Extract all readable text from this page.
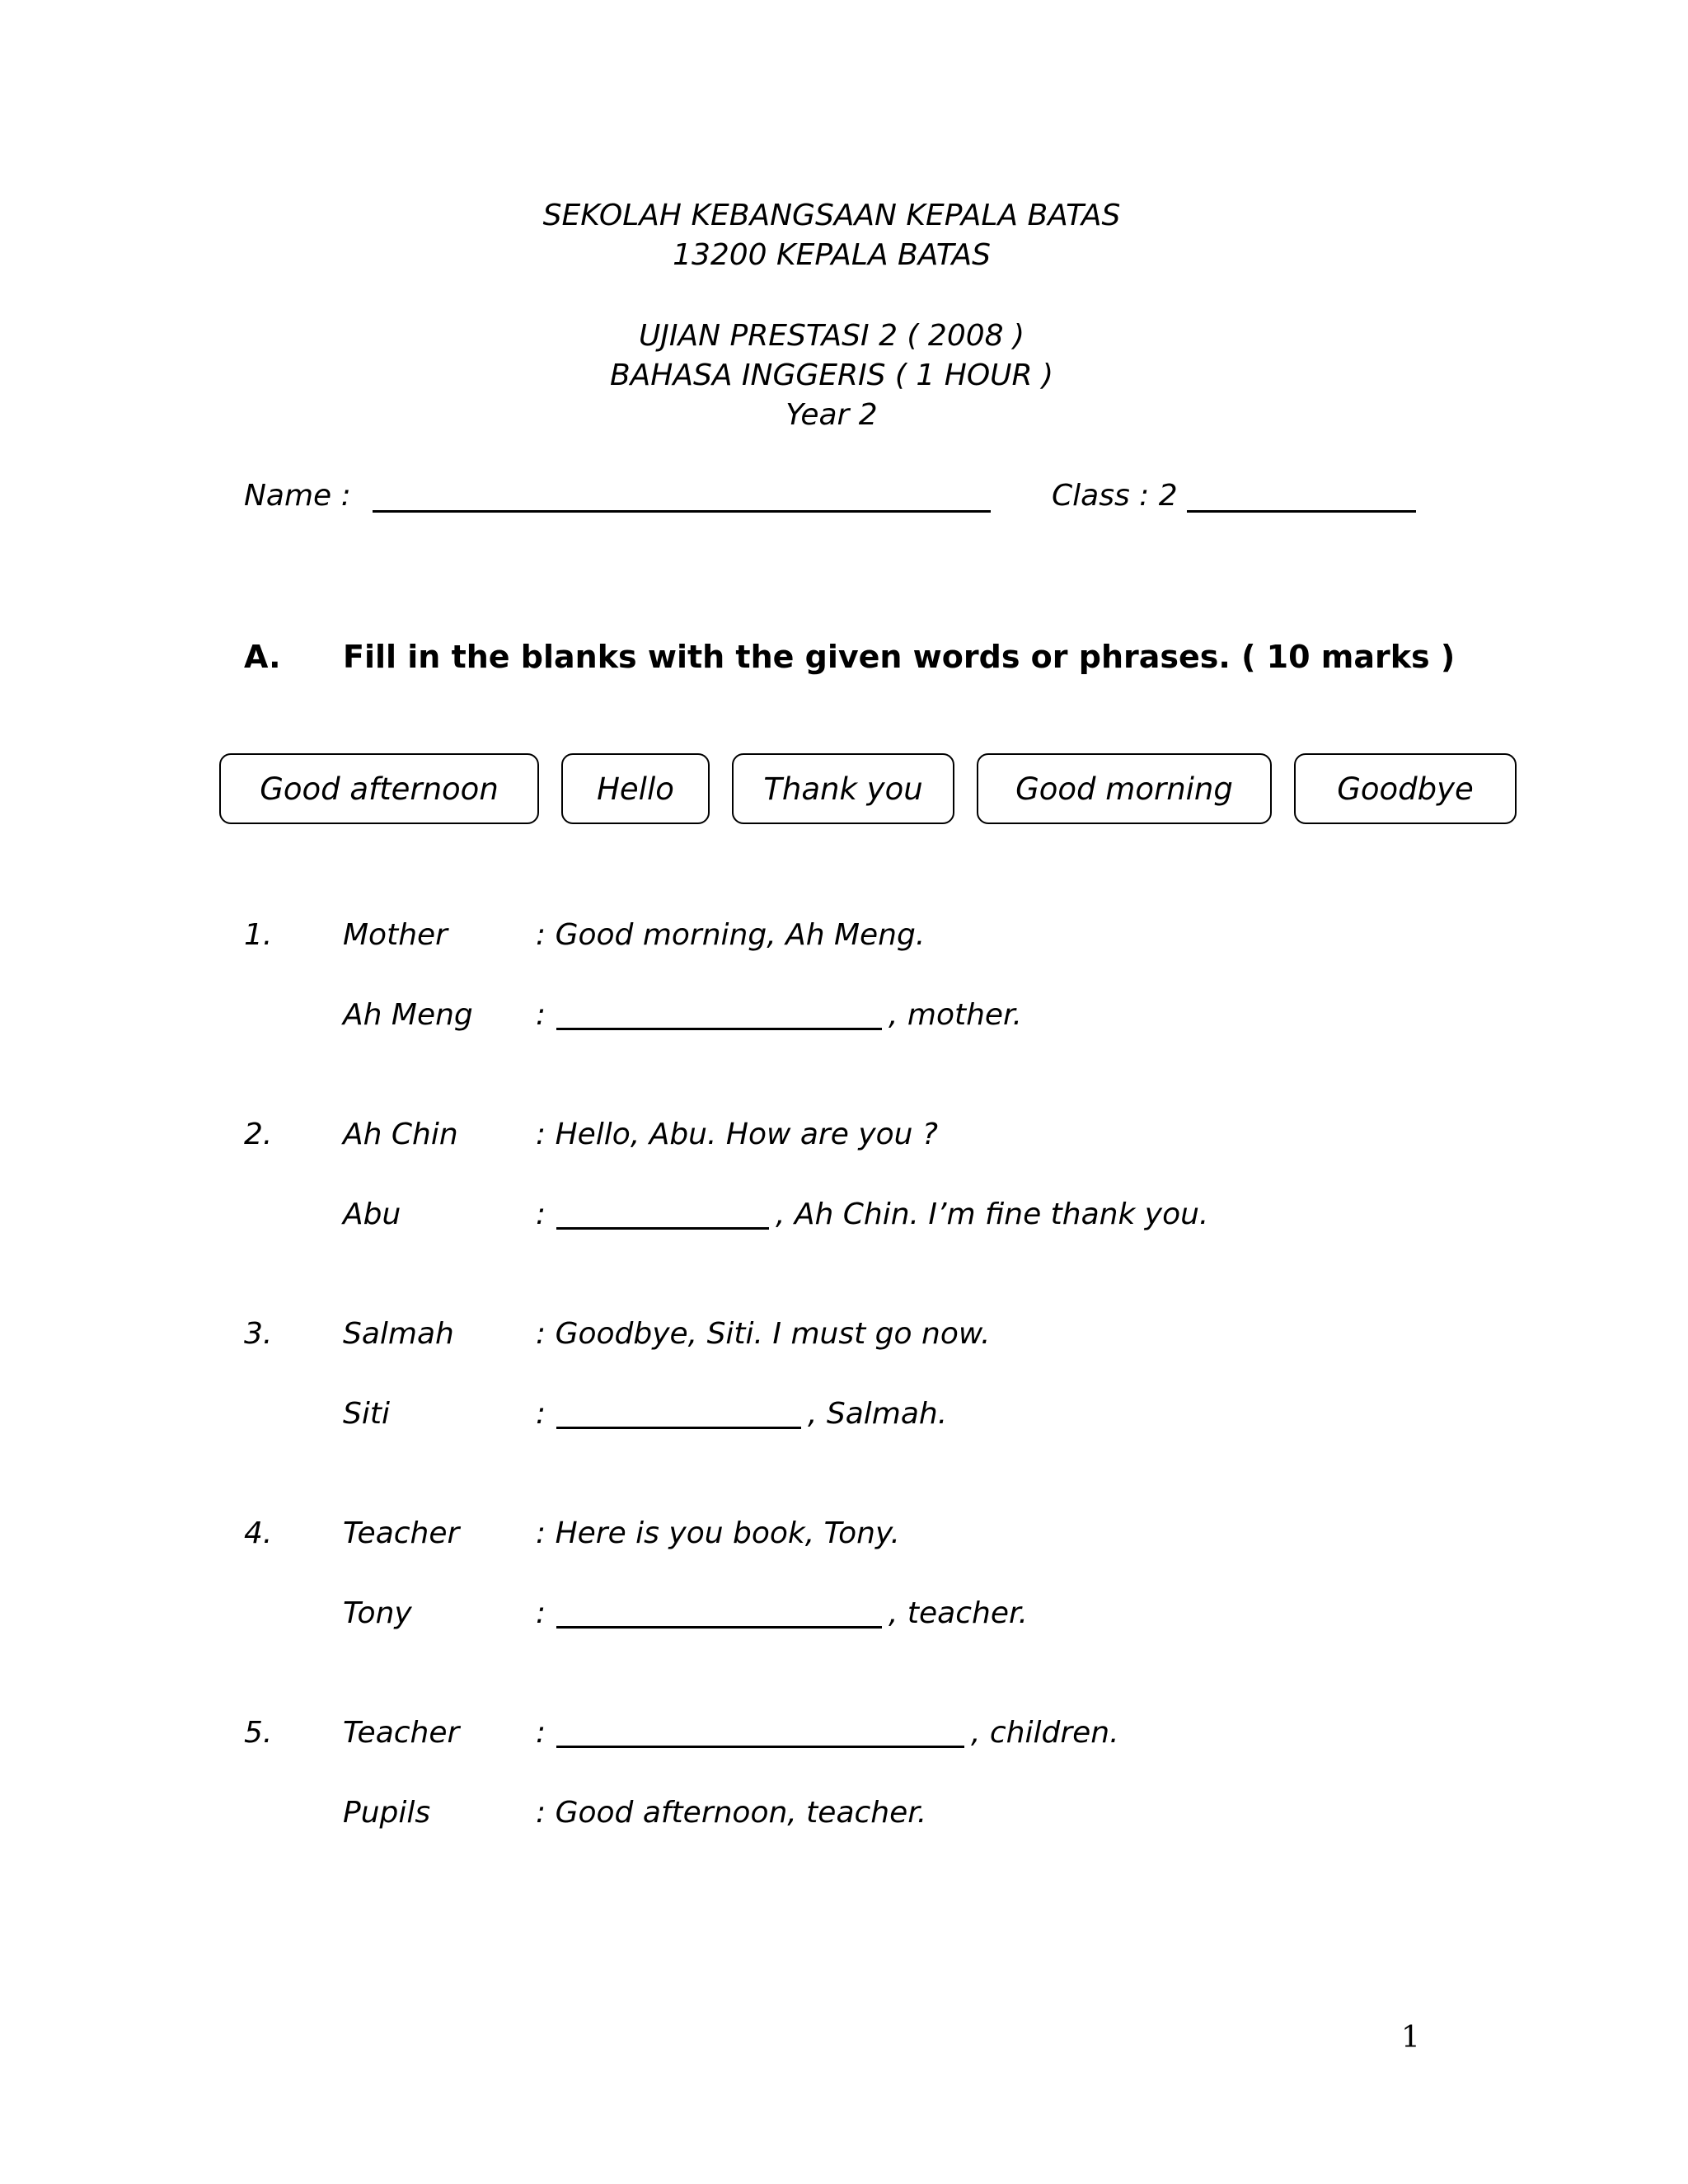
SEKOLAH KEBANGSAAN KEPALA BATAS
13200 KEPALA BATAS
UJIAN PRESTASI 2 ( 2008 )
BAHASA INGGERIS ( 1 HOUR )
Year 2
Name :	Class : 2
A. Fill in the blanks with the given words or phrases. ( 10 marks )
Good afternoon	Hello	Thank you	Good morning	Goodbye
1. Mother	: Good morning, Ah Meng.
Ah Meng :	, mother.
2. Ah Chin	: Hello, Abu. How are you ?
Abu	:	, Ah Chin. I’m fine thank you.
3. Salmah	: Goodbye, Siti. I must go now.
Siti	:	, Salmah.
4. Teacher	: Here is you book, Tony.
Tony	:	, teacher.
5. Teacher	:	, children.
Pupils	: Good afternoon, teacher.
1
